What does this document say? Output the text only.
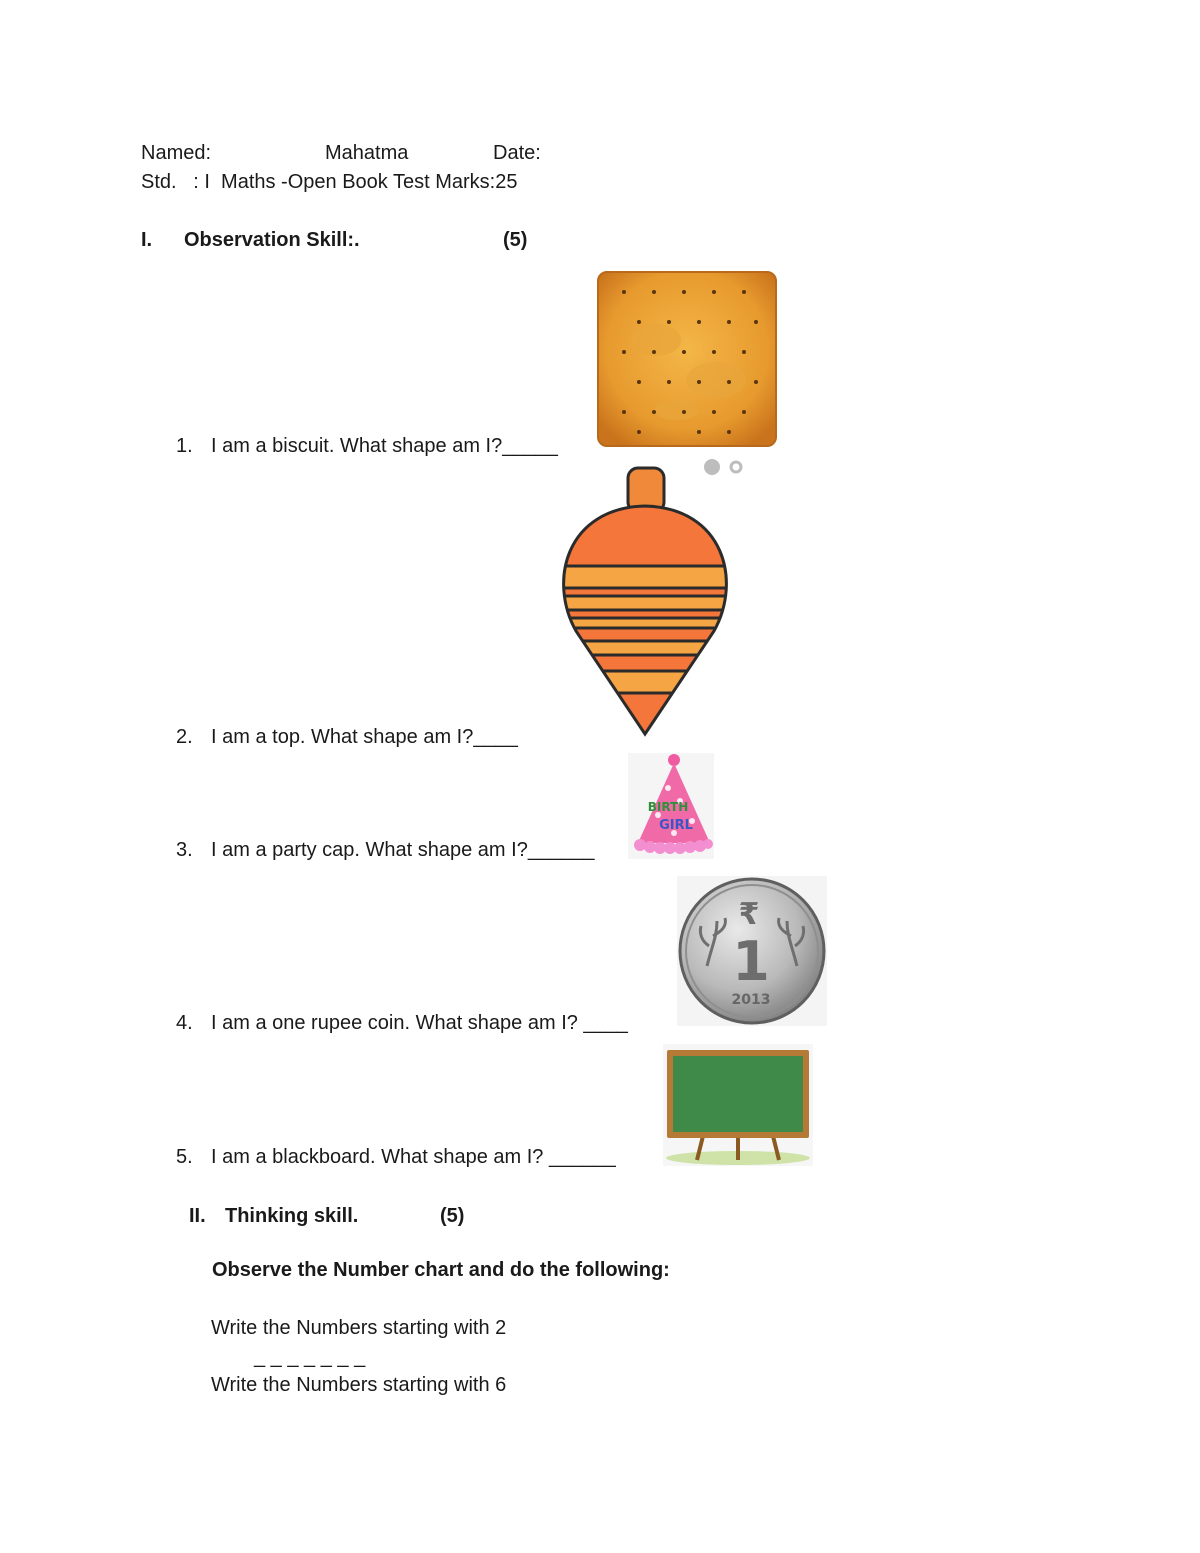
Named:	Mahatma	Date:
Std.   : I  Maths -Open Book Test Marks:25
I. Observation Skill:.	(5)
1. I am a biscuit. What shape am I?_____
2. I am a top. What shape am I?____
3. I am a party cap. What shape am I?______
BIRTH
GIRL
4. I am a one rupee coin. What shape am I? ____
₹
1
2013
5. I am a blackboard. What shape am I? ______
II. Thinking skill.	(5)
Observe the Number chart and do the following:
Write the Numbers starting with 2
_ _ _ _ _ _ _
Write the Numbers starting with 6
